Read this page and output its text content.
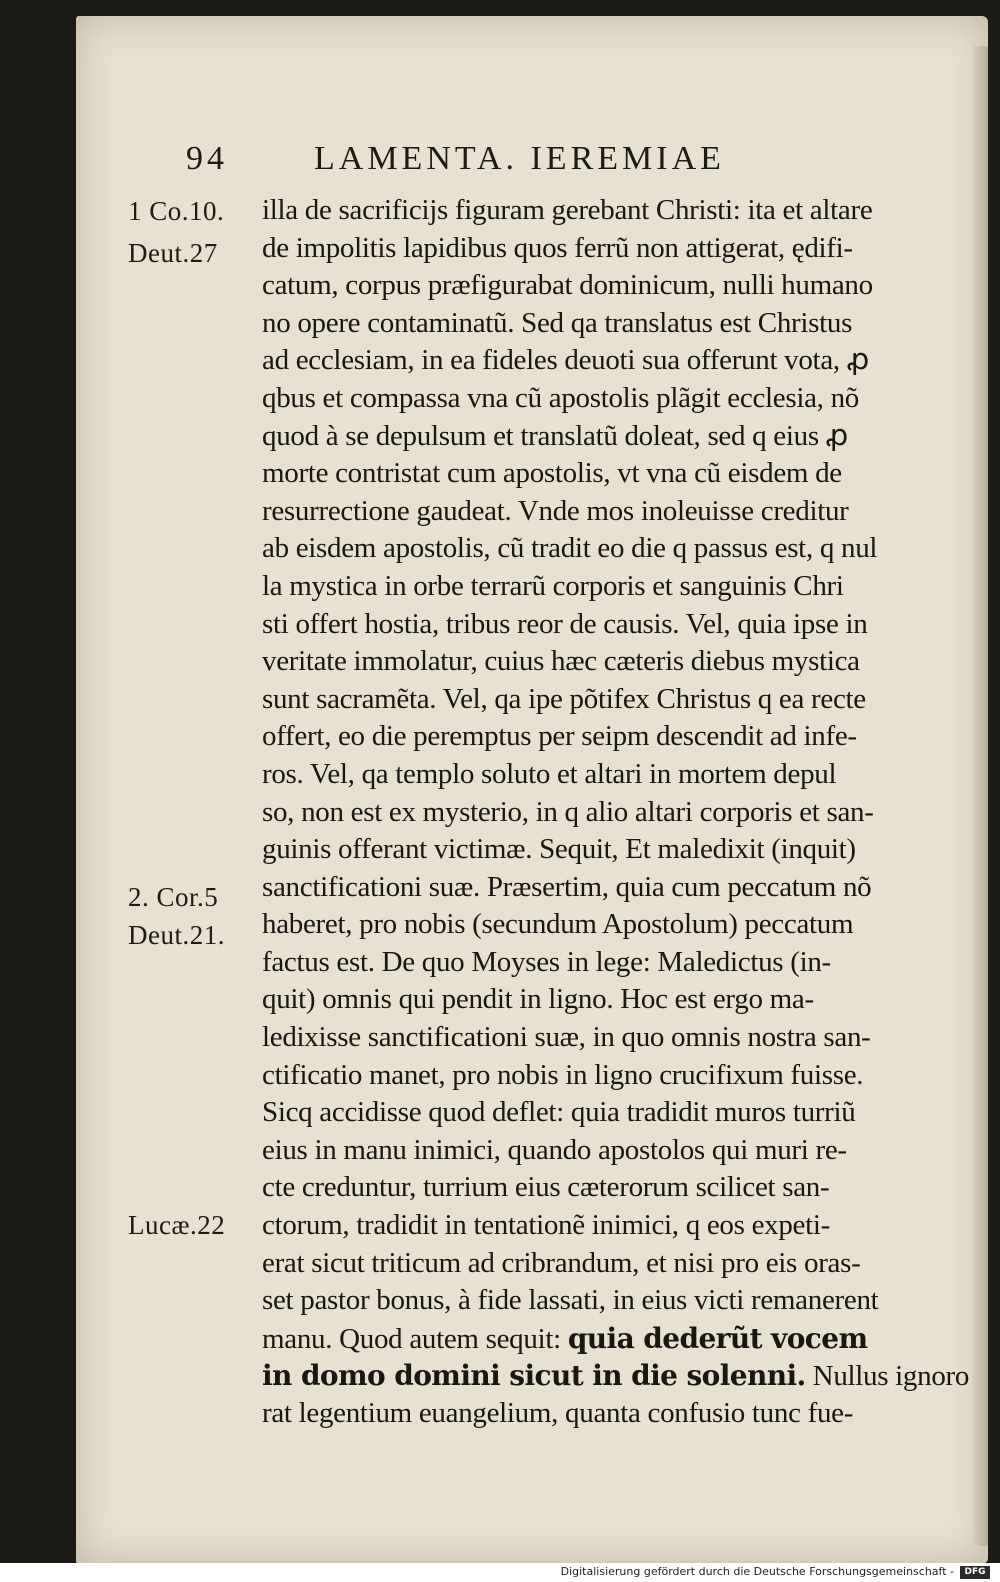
94	LAMENTA. IEREMIAE
1 Co.10.
Deut.27
2. Cor.5
Deut.21.
Lucæ.22
illa de sacrificijs figuram gerebant Christi: ita et altare
de impolitis lapidibus quos ferrũ non attigerat, ędifi-
catum, corpus præfigurabat dominicum, nulli humano
no opere contaminatũ. Sed qa translatus est Christus
ad ecclesiam, in ea fideles deuoti sua offerunt vota, ꝓ
qbus et compassa vna cũ apostolis plãgit ecclesia, nõ
quod à se depulsum et translatũ doleat, sed q eius ꝓ
morte contristat cum apostolis, vt vna cũ eisdem de
resurrectione gaudeat. Vnde mos inoleuisse creditur
ab eisdem apostolis, cũ tradit eo die q passus est, q nul
la mystica in orbe terrarũ corporis et sanguinis Chri
sti offert hostia, tribus reor de causis. Vel, quia ipse in
veritate immolatur, cuius hæc cæteris diebus mystica
sunt sacramẽta. Vel, qa ipe põtifex Christus q ea recte
offert, eo die peremptus per seipm descendit ad infe-
ros. Vel, qa templo soluto et altari in mortem depul
so, non est ex mysterio, in q alio altari corporis et san-
guinis offerant victimæ. Sequit, Et maledixit (inquit)
sanctificationi suæ. Præsertim, quia cum peccatum nõ
haberet, pro nobis (secundum Apostolum) peccatum
factus est. De quo Moyses in lege: Maledictus (in-
quit) omnis qui pendit in ligno. Hoc est ergo ma-
ledixisse sanctificationi suæ, in quo omnis nostra san-
ctificatio manet, pro nobis in ligno crucifixum fuisse.
Sicq accidisse quod deflet: quia tradidit muros turriũ
eius in manu inimici, quando apostolos qui muri re-
cte creduntur, turrium eius cæterorum scilicet san-
ctorum, tradidit in tentationẽ inimici, q eos expeti-
erat sicut triticum ad cribrandum, et nisi pro eis oras-
set pastor bonus, à fide lassati, in eius victi remanerent
manu. Quod autem sequit: quia dederũt vocem
in domo domini sicut in die solenni. Nullus ignoro
rat legentium euangelium, quanta confusio tunc fue-
Digitalisierung gefördert durch die Deutsche Forschungsgemeinschaft -	DFG
